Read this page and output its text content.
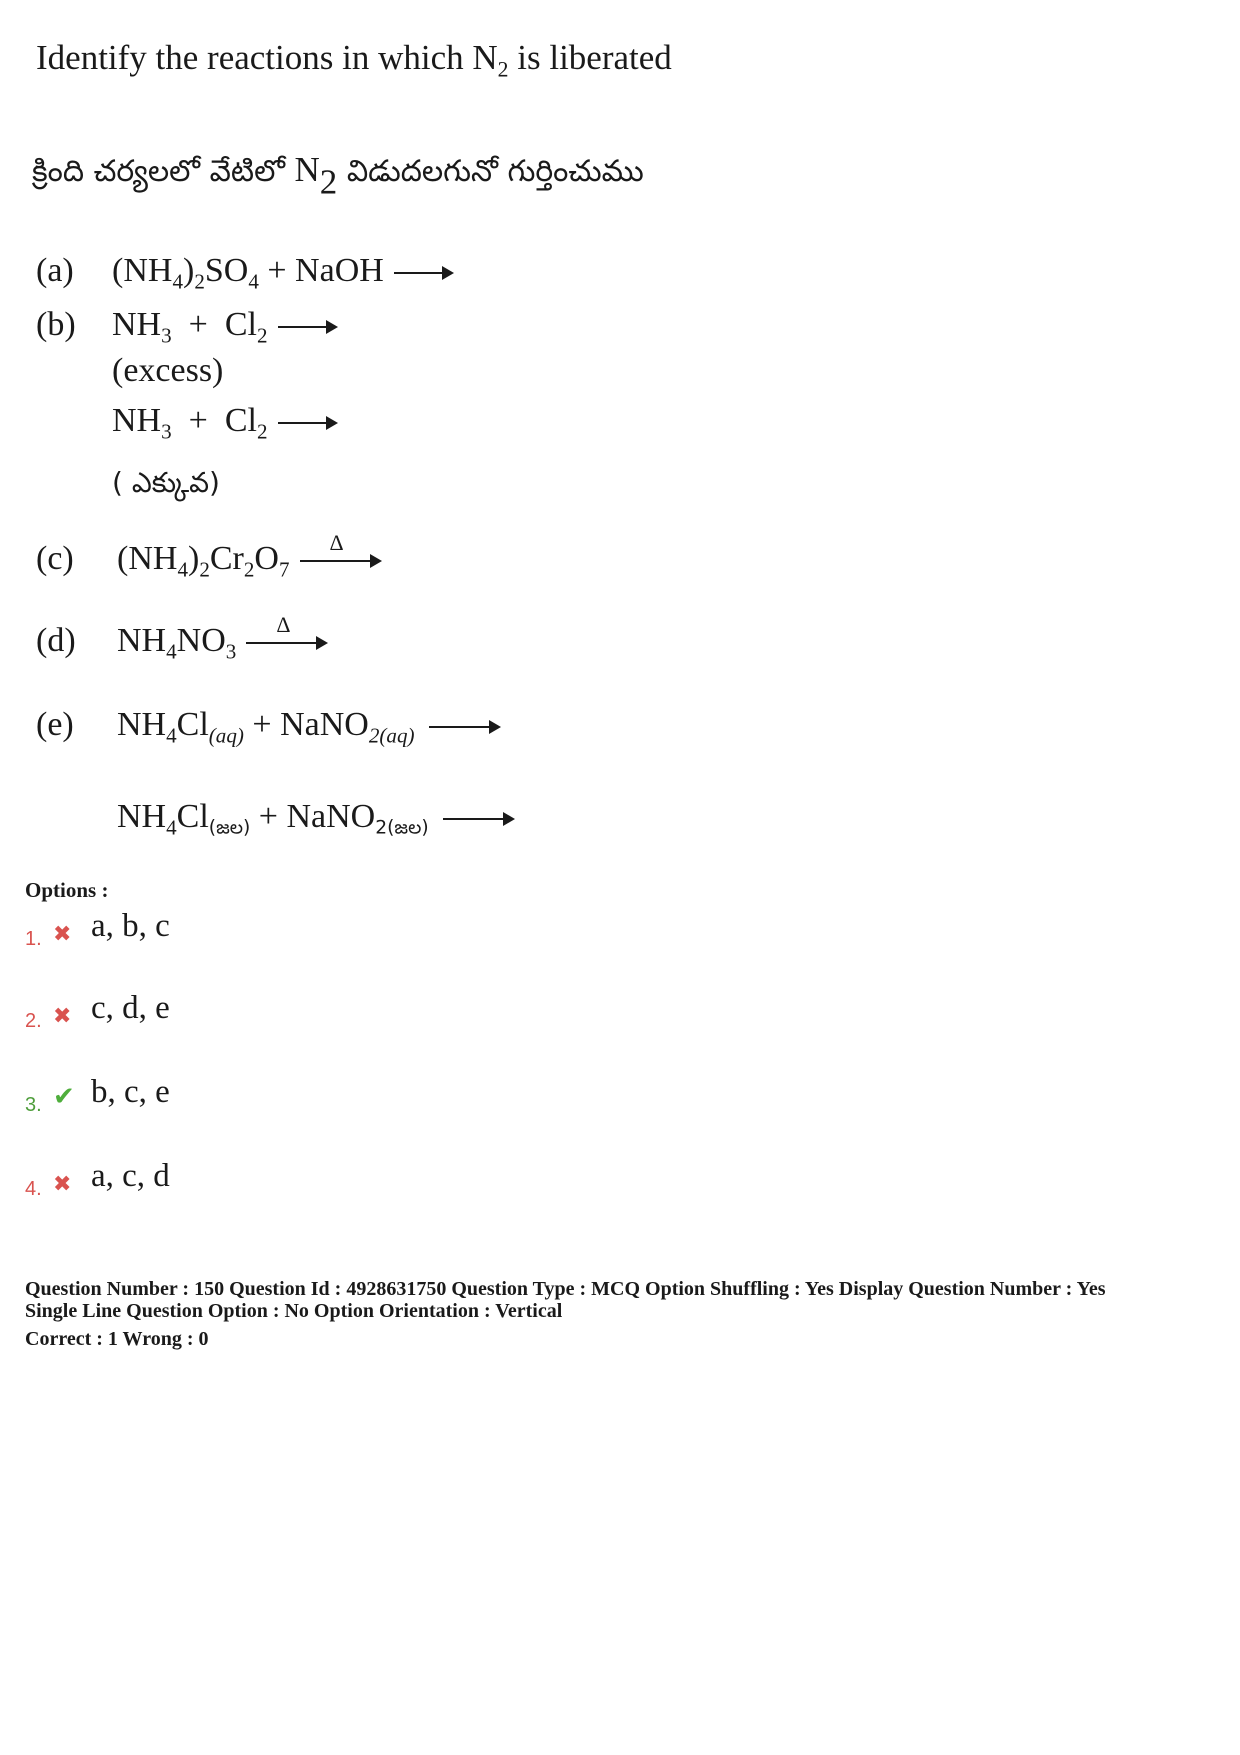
Identify the reactions in which $N_2$ is liberated
క్రింది చర్యలలో వేటిలో $N_2$ విడుదలగునో గుర్తించుము
(a) $(NH_4)_2SO_4$ + NaOH →
(b) $NH_3 + Cl_2$ →
(excess)
$NH_3 + Cl_2$ →
( ఎక్కువ)
(c) $(NH_4)_2Cr_2O_7$
Δ
(d) $NH_4NO_3$
Δ
(e) $NH_4Cl_{(aq)}$ + NaNO$_{2(aq)}$ →
$NH_4Cl_{(జల)}$ + NaNO$_{2(జల)}$ →
Options :
1. ✖ a, b, c
2. ✖ c, d, e
3. ✔ b, c, e
4. ✖ a, c, d
Question Number : 150 Question Id : 4928631750 Question Type : MCQ Option Shuffling : Yes Display Question Number : Yes
Single Line Question Option : No Option Orientation : Vertical
Correct : 1 Wrong : 0
